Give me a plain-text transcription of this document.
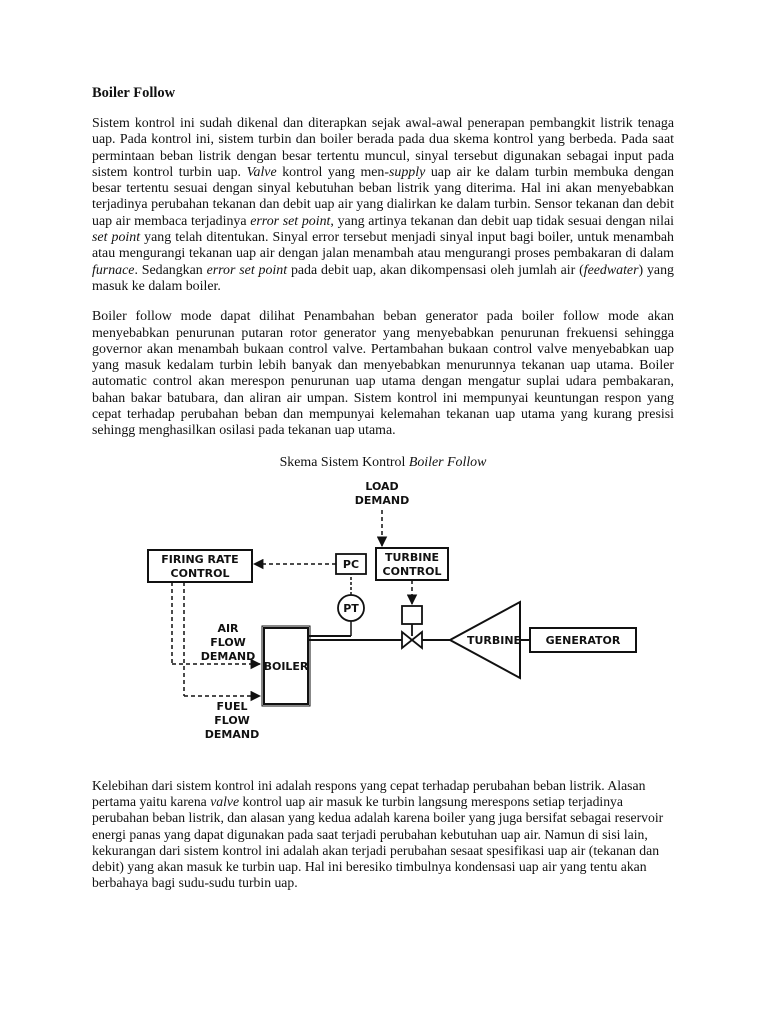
Boiler Follow

Sistem kontrol ini sudah dikenal dan diterapkan sejak awal-awal penerapan pembangkit listrik tenaga uap. Pada kontrol ini, sistem turbin dan boiler berada pada dua skema kontrol yang berbeda. Pada saat permintaan beban listrik dengan besar tertentu muncul, sinyal tersebut digunakan sebagai input pada sistem kontrol turbin uap. Valve kontrol yang men-supply uap air ke dalam turbin membuka dengan besar tertentu sesuai dengan sinyal kebutuhan beban listrik yang diterima. Hal ini akan menyebabkan terjadinya perubahan tekanan dan debit uap air yang dialirkan ke dalam turbin. Sensor tekanan dan debit uap air membaca terjadinya error set point, yang artinya tekanan dan debit uap tidak sesuai dengan nilai set point yang telah ditentukan. Sinyal error tersebut menjadi sinyal input bagi boiler, untuk menambah atau mengurangi tekanan uap air dengan jalan menambah atau mengurangi proses pembakaran di dalam furnace. Sedangkan error set point pada debit uap, akan dikompensasi oleh jumlah air (feedwater) yang masuk ke dalam boiler.

Boiler follow mode dapat dilihat Penambahan beban generator pada boiler follow mode akan menyebabkan penurunan putaran rotor generator yang menyebabkan penurunan frekuensi sehingga governor akan menambah bukaan control valve. Pertambahan bukaan control valve menyebabkan uap yang masuk kedalam turbin lebih banyak dan menyebabkan menurunnya tekanan uap utama. Boiler automatic control akan merespon penurunan uap utama dengan mengatur suplai udara pembakaran, bahan bakar batubara, dan aliran air umpan. Sistem kontrol ini mempunyai keuntungan respon yang cepat terhadap perubahan beban dan mempunyai kelemahan tekanan uap utama yang kurang presisi sehingg menghasilkan osilasi pada tekanan uap utama.

Skema Sistem Kontrol Boiler Follow
LOAD
DEMAND
FIRING RATE
CONTROL
PC
TURBINE
CONTROL
PT
TURBINE GENERATOR
BOILER
AIR
FLOW
DEMAND
FUEL
FLOW
DEMAND

Kelebihan dari sistem kontrol ini adalah respons yang cepat terhadap perubahan beban listrik. Alasan pertama yaitu karena valve kontrol uap air masuk ke turbin langsung merespons setiap terjadinya perubahan beban listrik, dan alasan yang kedua adalah karena boiler yang juga bersifat sebagai reservoir energi panas yang dapat digunakan pada saat terjadi perubahan kebutuhan uap air. Namun di sisi lain, kekurangan dari sistem kontrol ini adalah akan terjadi perubahan sesaat spesifikasi uap air (tekanan dan debit) yang akan masuk ke turbin uap. Hal ini beresiko timbulnya kondensasi uap air yang tentu akan berbahaya bagi sudu-sudu turbin uap.
